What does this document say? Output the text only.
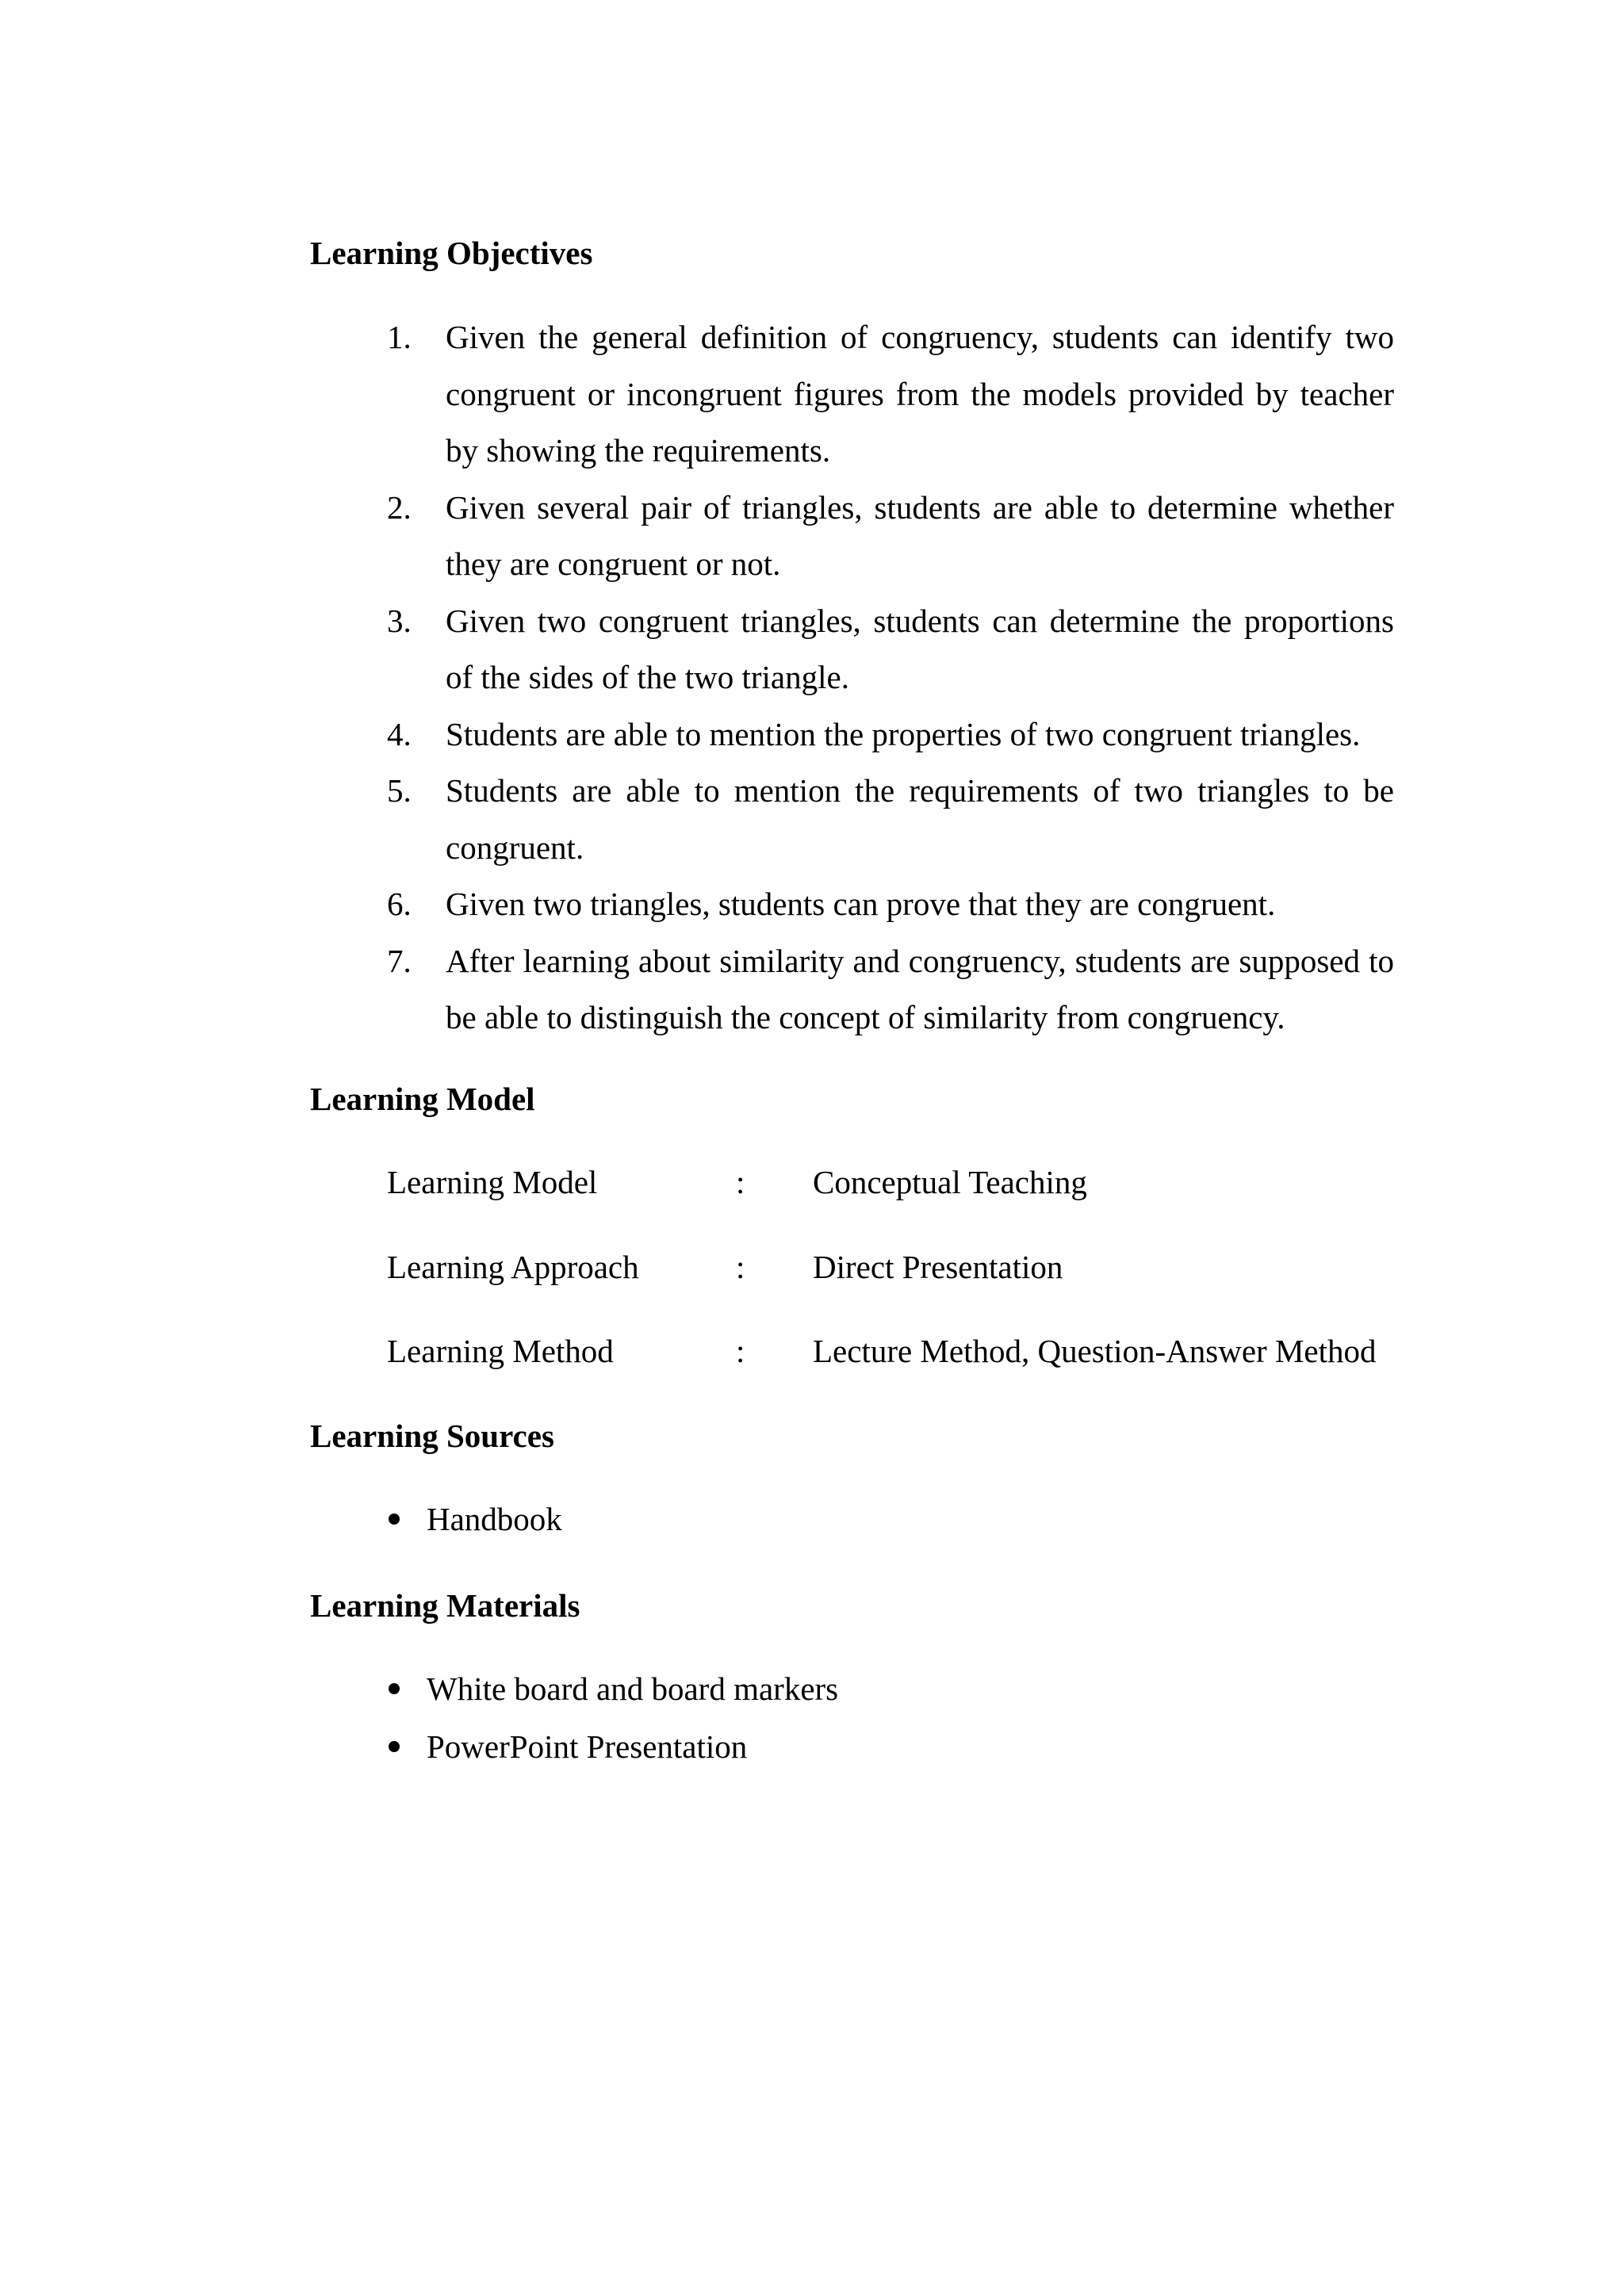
Learning Objectives
1. Given the general definition of congruency, students can identify two congruent or incongruent figures from the models provided by teacher by showing the requirements.
2. Given several pair of triangles, students are able to determine whether they are congruent or not.
3. Given two congruent triangles, students can determine the proportions of the sides of the two triangle.
4. Students are able to mention the properties of two congruent triangles.
5. Students are able to mention the requirements of two triangles to be congruent.
6. Given two triangles, students can prove that they are congruent.
7. After learning about similarity and congruency, students are supposed to be able to distinguish the concept of similarity from congruency.
Learning Model
Learning Model	: Conceptual Teaching
Learning Approach	: Direct Presentation
Learning Method	: Lecture Method, Question-Answer Method
Learning Sources
Handbook
Learning Materials
White board and board markers
PowerPoint Presentation
